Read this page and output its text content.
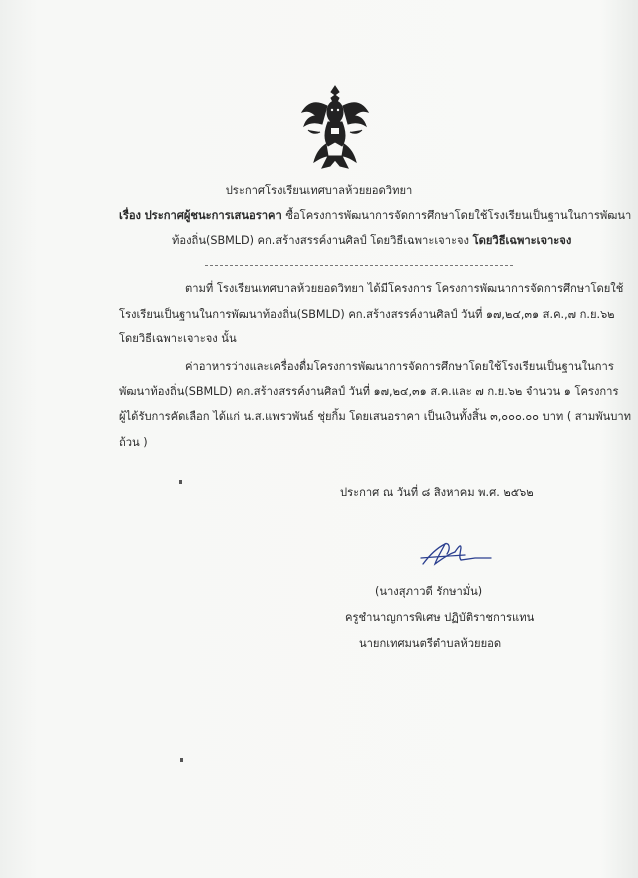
ประกาศโรงเรียนเทศบาลห้วยยอดวิทยา
เรื่อง ประกาศผู้ชนะการเสนอราคา ซื้อโครงการพัฒนาการจัดการศึกษาโดยใช้โรงเรียนเป็นฐานในการพัฒนา
ท้องถิ่น(SBMLD) คก.สร้างสรรค์งานศิลป์ โดยวิธีเฉพาะเจาะจง โดยวิธีเฉพาะเจาะจง
ตามที่ โรงเรียนเทศบาลห้วยยอดวิทยา ได้มีโครงการ โครงการพัฒนาการจัดการศึกษาโดยใช้
โรงเรียนเป็นฐานในการพัฒนาท้องถิ่น(SBMLD) คก.สร้างสรรค์งานศิลป์ วันที่ ๑๗,๒๔,๓๑ ส.ค.,๗ ก.ย.๖๒
โดยวิธีเฉพาะเจาะจง นั้น
ค่าอาหารว่างและเครื่องดื่มโครงการพัฒนาการจัดการศึกษาโดยใช้โรงเรียนเป็นฐานในการ
พัฒนาท้องถิ่น(SBMLD) คก.สร้างสรรค์งานศิลป์ วันที่ ๑๗,๒๔,๓๑ ส.ค.และ ๗ ก.ย.๖๒ จำนวน ๑ โครงการ
ผู้ได้รับการคัดเลือก ได้แก่ น.ส.แพรวพันธ์ ชุ่ยกิ้ม โดยเสนอราคา เป็นเงินทั้งสิ้น ๓,๐๐๐.๐๐ บาท ( สามพันบาท
ถ้วน )
ประกาศ ณ วันที่ ๘ สิงหาคม พ.ศ. ๒๕๖๒
(นางสุภาวดี รักษามั่น)
ครูชำนาญการพิเศษ ปฏิบัติราชการแทน
นายกเทศมนตรีตำบลห้วยยอด
